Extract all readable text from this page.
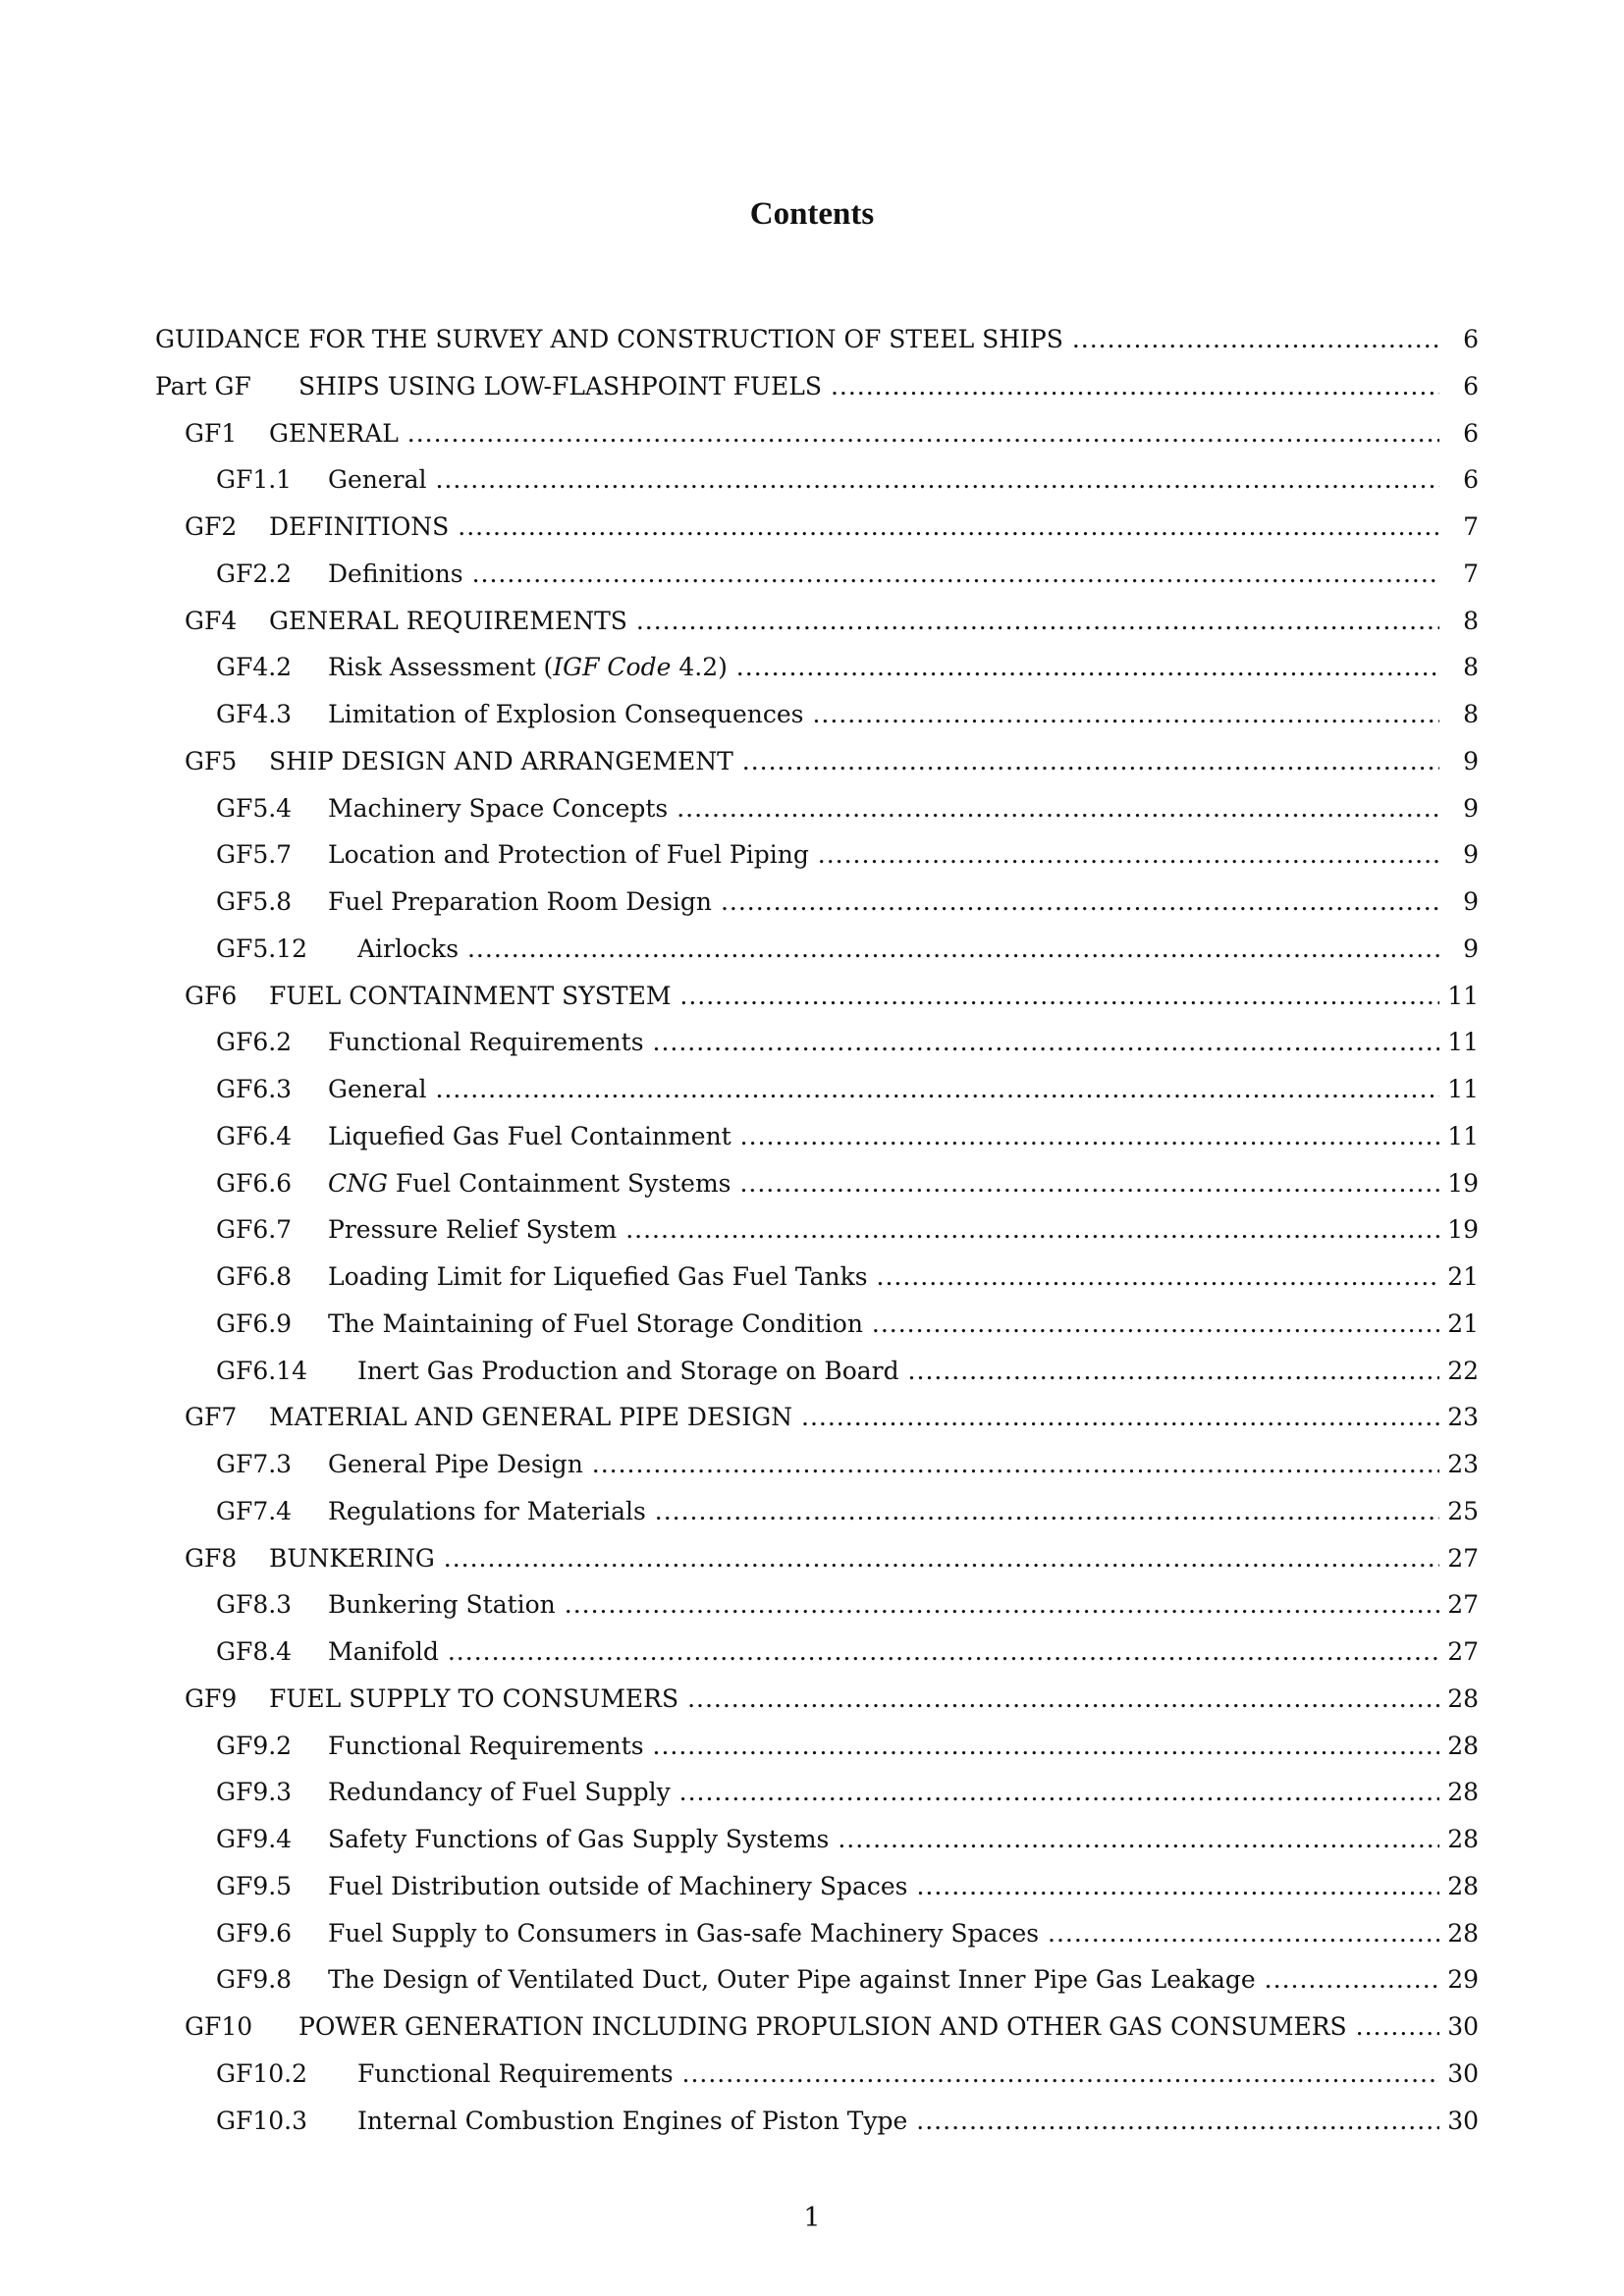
Contents
GUIDANCE FOR THE SURVEY AND CONSTRUCTION OF STEEL SHIPS .....	6
Part GF SHIPS USING LOW-FLASHPOINT FUELS .....	6
GF1 GENERAL .....	6
GF1.1 General .....	6
GF2 DEFINITIONS .....	7
GF2.2 Definitions .....	7
GF4 GENERAL REQUIREMENTS .....	8
GF4.2 Risk Assessment (IGF Code 4.2) .....	8
GF4.3 Limitation of Explosion Consequences .....	8
GF5 SHIP DESIGN AND ARRANGEMENT .....	9
GF5.4 Machinery Space Concepts .....	9
GF5.7 Location and Protection of Fuel Piping .....	9
GF5.8 Fuel Preparation Room Design .....	9
GF5.12 Airlocks .....	9
GF6 FUEL CONTAINMENT SYSTEM .....	11
GF6.2 Functional Requirements .....	11
GF6.3 General .....	11
GF6.4 Liquefied Gas Fuel Containment .....	11
GF6.6 CNG Fuel Containment Systems .....	19
GF6.7 Pressure Relief System .....	19
GF6.8 Loading Limit for Liquefied Gas Fuel Tanks .....	21
GF6.9 The Maintaining of Fuel Storage Condition .....	21
GF6.14 Inert Gas Production and Storage on Board .....	22
GF7 MATERIAL AND GENERAL PIPE DESIGN .....	23
GF7.3 General Pipe Design .....	23
GF7.4 Regulations for Materials .....	25
GF8 BUNKERING .....	27
GF8.3 Bunkering Station .....	27
GF8.4 Manifold .....	27
GF9 FUEL SUPPLY TO CONSUMERS .....	28
GF9.2 Functional Requirements .....	28
GF9.3 Redundancy of Fuel Supply .....	28
GF9.4 Safety Functions of Gas Supply Systems .....	28
GF9.5 Fuel Distribution outside of Machinery Spaces .....	28
GF9.6 Fuel Supply to Consumers in Gas-safe Machinery Spaces .....	28
GF9.8 The Design of Ventilated Duct, Outer Pipe against Inner Pipe Gas Leakage .....	29
GF10 POWER GENERATION INCLUDING PROPULSION AND OTHER GAS CONSUMERS .....	30
GF10.2 Functional Requirements .....	30
GF10.3 Internal Combustion Engines of Piston Type .....	30
1
